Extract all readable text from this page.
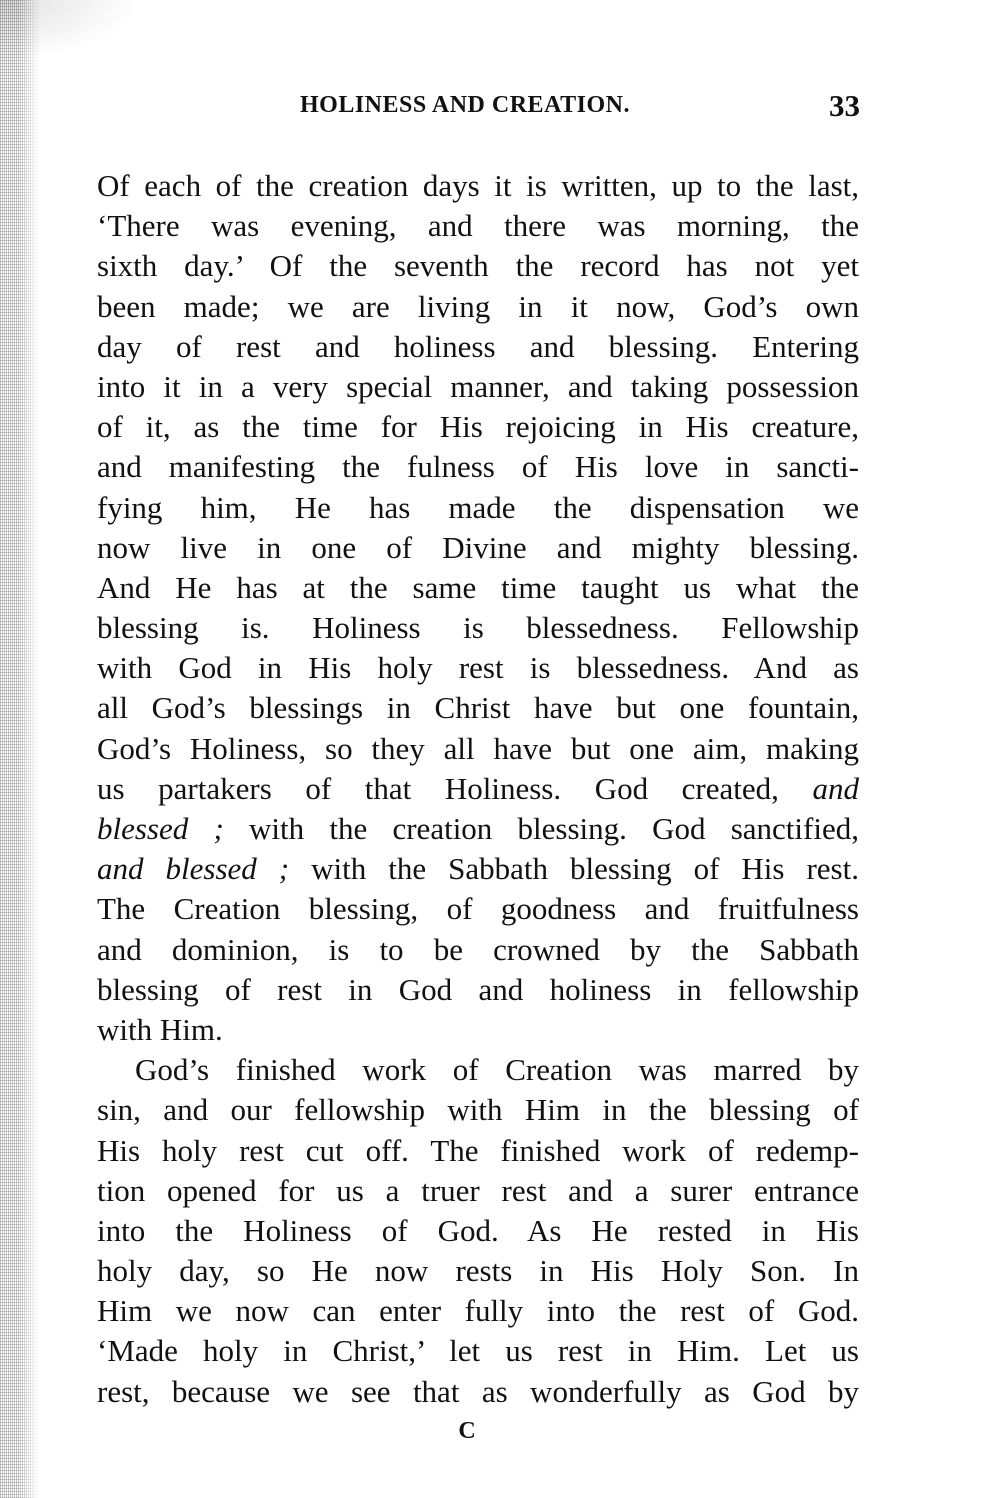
HOLINESS AND CREATION.	33
Of each of the creation days it is written, up to the last,
‘There was evening, and there was morning, the
sixth day.’ Of the seventh the record has not yet
been made; we are living in it now, God’s own
day of rest and holiness and blessing. Entering
into it in a very special manner, and taking possession
of it, as the time for His rejoicing in His creature,
and manifesting the fulness of His love in sancti-
fying him, He has made the dispensation we
now live in one of Divine and mighty blessing.
And He has at the same time taught us what the
blessing is. Holiness is blessedness. Fellowship
with God in His holy rest is blessedness. And as
all God’s blessings in Christ have but one fountain,
God’s Holiness, so they all have but one aim, making
us partakers of that Holiness. God created, and
blessed ; with the creation blessing. God sanctified,
and blessed ; with the Sabbath blessing of His rest.
The Creation blessing, of goodness and fruitfulness
and dominion, is to be crowned by the Sabbath
blessing of rest in God and holiness in fellowship
with Him.
God’s finished work of Creation was marred by
sin, and our fellowship with Him in the blessing of
His holy rest cut off. The finished work of redemp-
tion opened for us a truer rest and a surer entrance
into the Holiness of God. As He rested in His
holy day, so He now rests in His Holy Son. In
Him we now can enter fully into the rest of God.
‘Made holy in Christ,’ let us rest in Him. Let us
rest, because we see that as wonderfully as God by
C
